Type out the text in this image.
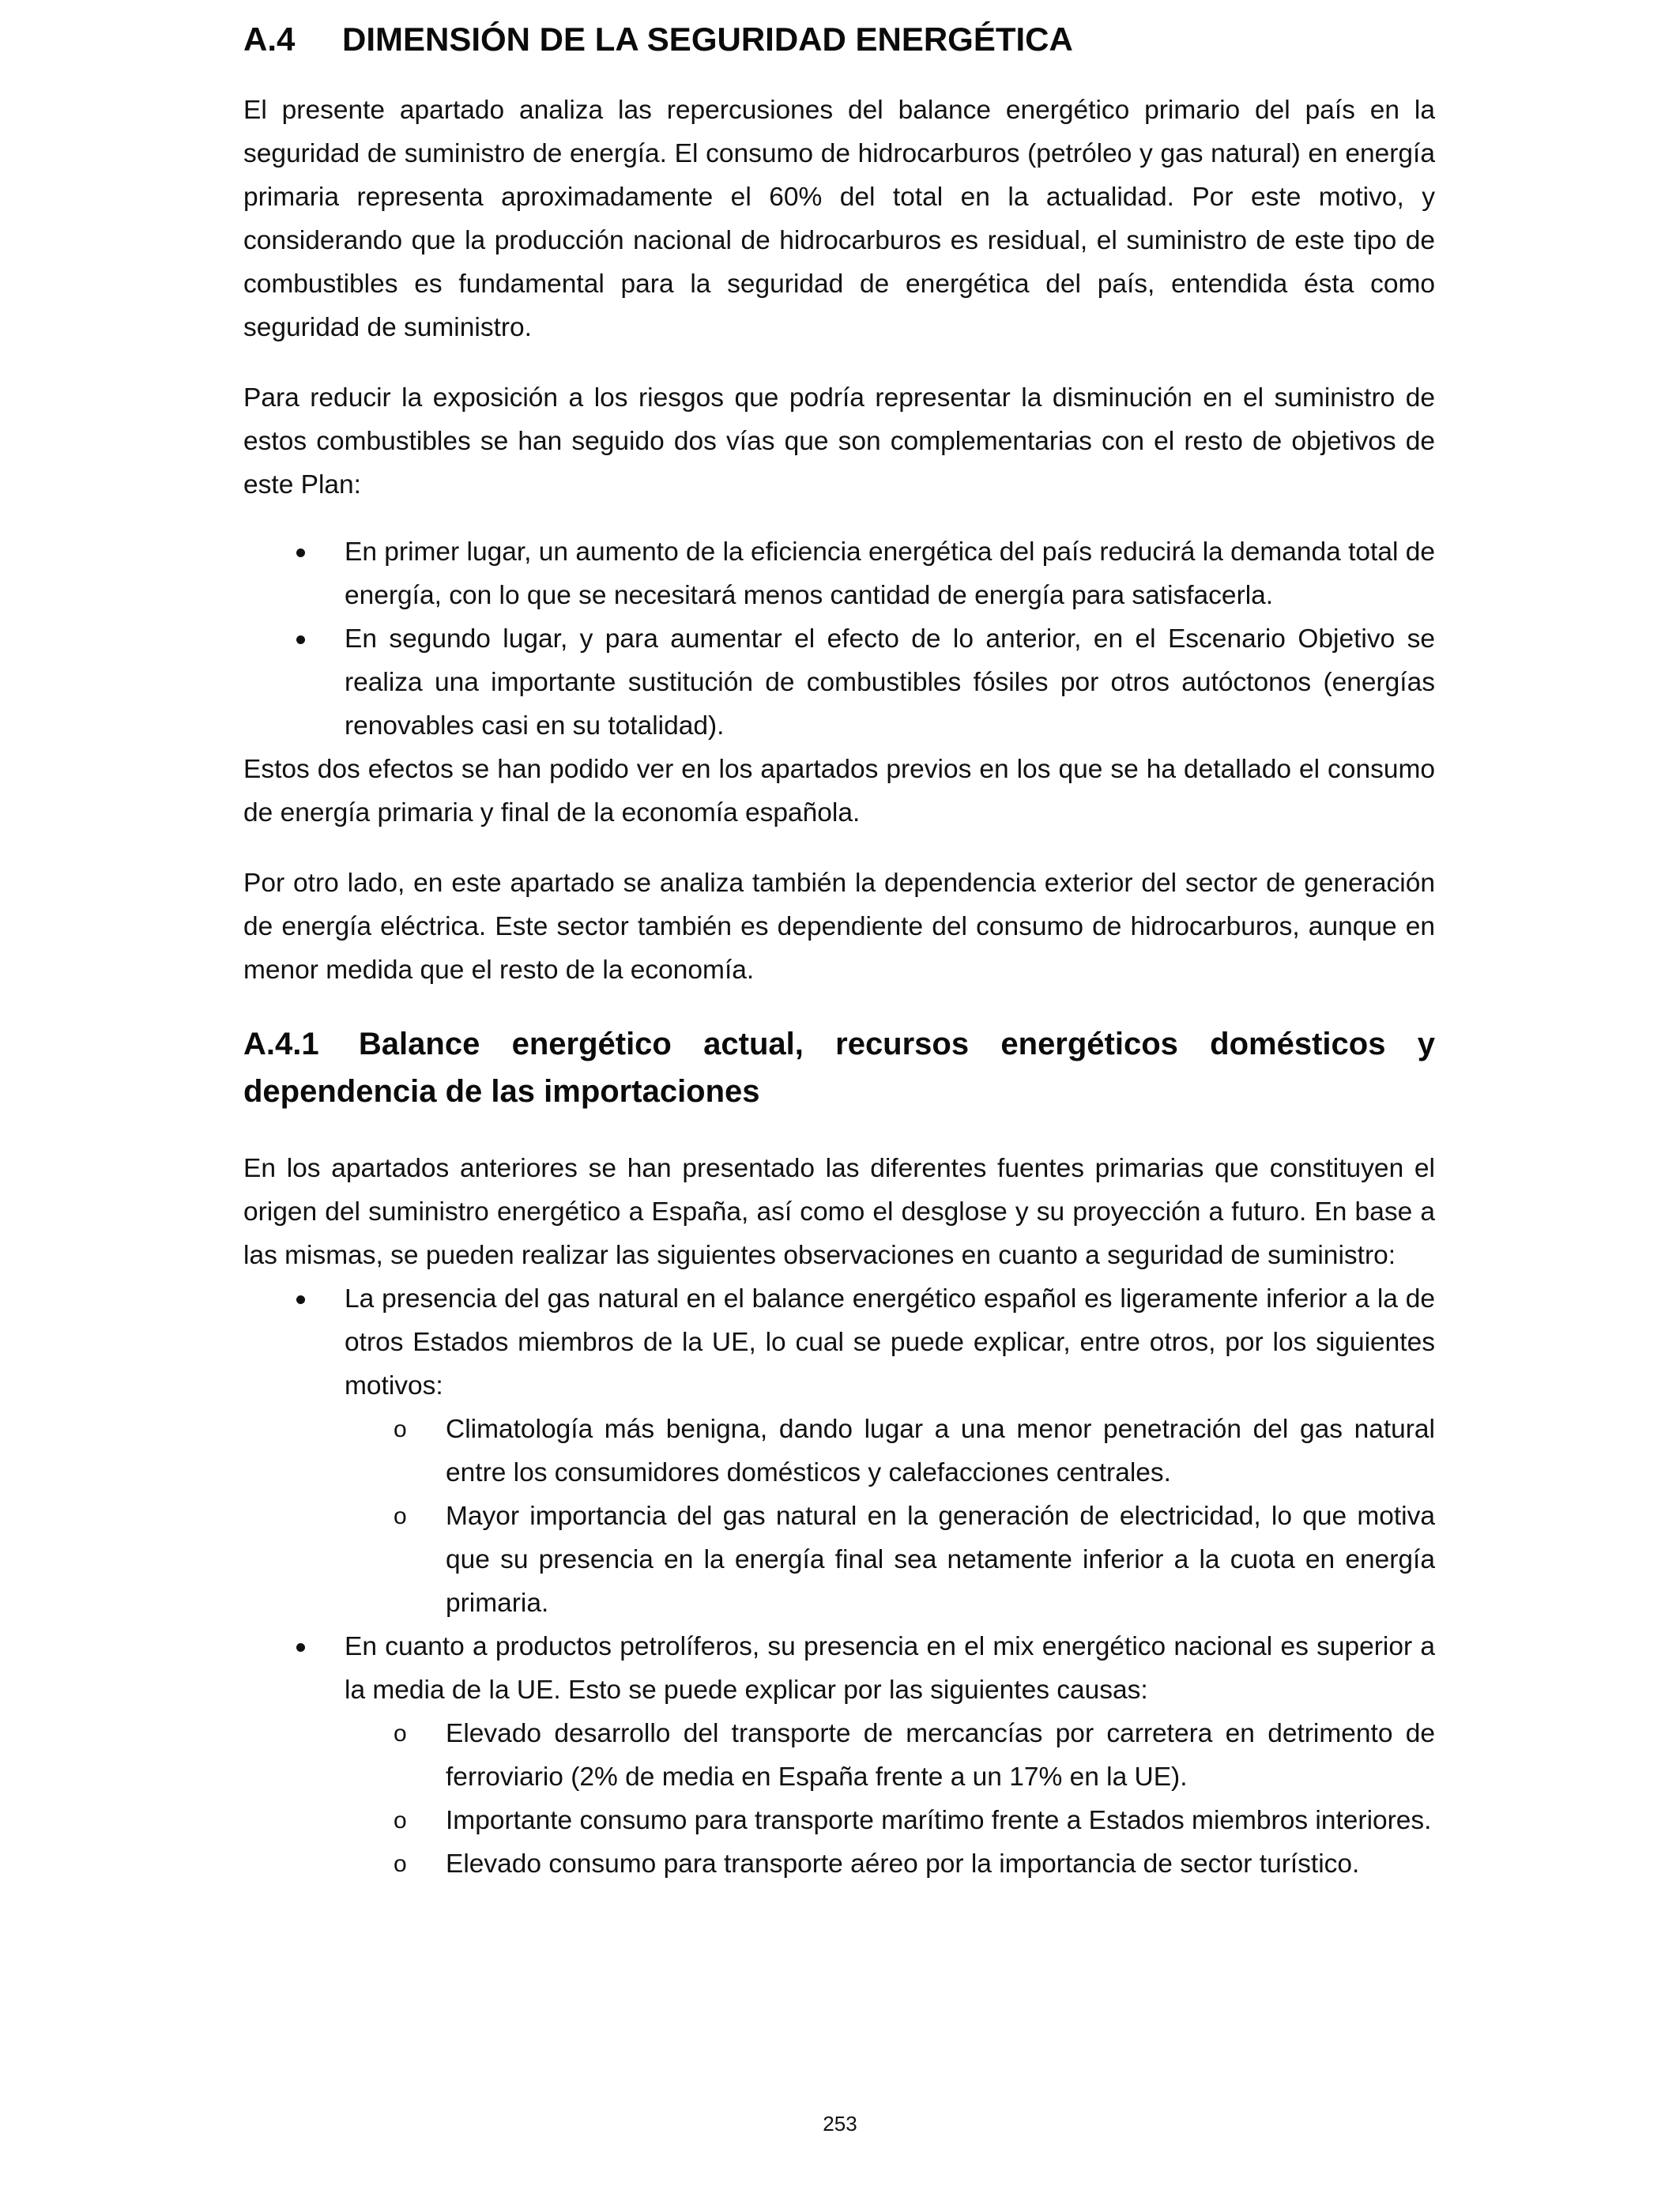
A.4 DIMENSIÓN DE LA SEGURIDAD ENERGÉTICA

El presente apartado analiza las repercusiones del balance energético primario del país en la seguridad de suministro de energía. El consumo de hidrocarburos (petróleo y gas natural) en energía primaria representa aproximadamente el 60% del total en la actualidad. Por este motivo, y considerando que la producción nacional de hidrocarburos es residual, el suministro de este tipo de combustibles es fundamental para la seguridad de energética del país, entendida ésta como seguridad de suministro.

Para reducir la exposición a los riesgos que podría representar la disminución en el suministro de estos combustibles se han seguido dos vías que son complementarias con el resto de objetivos de este Plan:

En primer lugar, un aumento de la eficiencia energética del país reducirá la demanda total de energía, con lo que se necesitará menos cantidad de energía para satisfacerla.
En segundo lugar, y para aumentar el efecto de lo anterior, en el Escenario Objetivo se realiza una importante sustitución de combustibles fósiles por otros autóctonos (energías renovables casi en su totalidad).

Estos dos efectos se han podido ver en los apartados previos en los que se ha detallado el consumo de energía primaria y final de la economía española.

Por otro lado, en este apartado se analiza también la dependencia exterior del sector de generación de energía eléctrica. Este sector también es dependiente del consumo de hidrocarburos, aunque en menor medida que el resto de la economía.

A.4.1 Balance energético actual, recursos energéticos domésticos y dependencia de las importaciones

En los apartados anteriores se han presentado las diferentes fuentes primarias que constituyen el origen del suministro energético a España, así como el desglose y su proyección a futuro. En base a las mismas, se pueden realizar las siguientes observaciones en cuanto a seguridad de suministro:

La presencia del gas natural en el balance energético español es ligeramente inferior a la de otros Estados miembros de la UE, lo cual se puede explicar, entre otros, por los siguientes motivos:
o Climatología más benigna, dando lugar a una menor penetración del gas natural entre los consumidores domésticos y calefacciones centrales.
o Mayor importancia del gas natural en la generación de electricidad, lo que motiva que su presencia en la energía final sea netamente inferior a la cuota en energía primaria.
En cuanto a productos petrolíferos, su presencia en el mix energético nacional es superior a la media de la UE. Esto se puede explicar por las siguientes causas:
o Elevado desarrollo del transporte de mercancías por carretera en detrimento de ferroviario (2% de media en España frente a un 17% en la UE).
o Importante consumo para transporte marítimo frente a Estados miembros interiores.
o Elevado consumo para transporte aéreo por la importancia de sector turístico.
253
